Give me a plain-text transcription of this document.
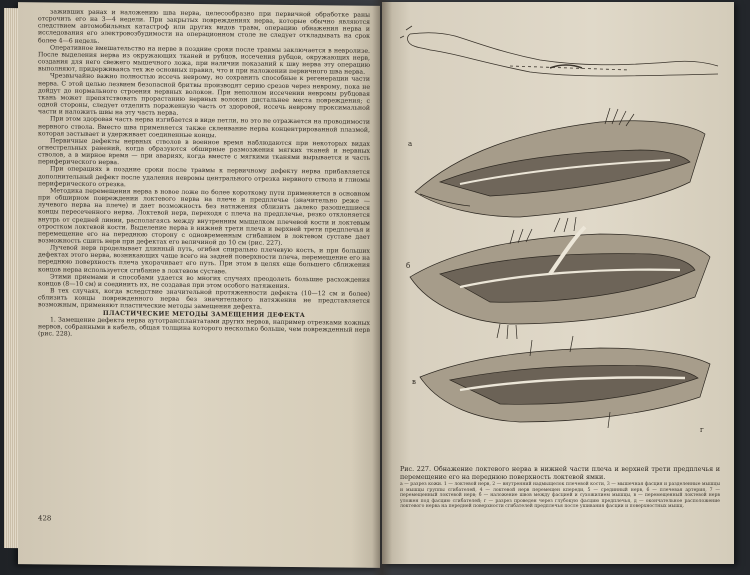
заживших ранах и наложению шва нерва, целесообразно при первичной обработке раны отсрочить его на 3—4 недели. При закрытых повреждениях нерва, которые обычно являются следствием автомобильных катастроф или других видов травм, операцию обнажения нерва и исследования его электровозбудимости на операционном столе не следует откладывать на срок более 4—6 недель.

Оперативное вмешательство на нерве в поздние сроки после травмы заключается в невролизе. После выделения нерва из окружающих тканей и рубцов, иссечения рубцов, окружающих нерв, создания для него свежего мышечного ложа, при наличии показаний к шву нерва эту операцию выполняют, придерживаясь тех же основных правил, что и при наложении первичного шва нерва.

Чрезвычайно важно полностью иссечь неврому, но сохранить способные к регенерации части нерва. С этой целью лезвием безопасной бритвы производят серию срезов через неврому, пока не дойдут до нормального строения нервных волокон. При неполном иссечении невромы рубцовая ткань может препятствовать прорастанию нервных волокон дистальнее места повреждения; с одной стороны, следует отделить пораженную часть от здоровой, иссечь неврому проксимальной части и наложить швы на эту часть нерва.

При этом здоровая часть нерва изгибается в виде петли, но это не отражается на проводимости нервного ствола. Вместо шва применяется также склеивание нерва концентрированной плазмой, которая застывает и удерживает соединенные концы.

Первичные дефекты нервных стволов в военное время наблюдаются при некоторых видах огнестрельных ранений, когда образуются обширные размозжения мягких тканей и нервных стволов, а в мирное время — при авариях, когда вместе с мягкими тканями вырывается и часть периферического нерва.

При операциях в поздние сроки после травмы к первичному дефекту нерва прибавляется дополнительный дефект после удаления невромы центрального отрезка нервного ствола и глиомы периферического отрезка.

Методика перемещения нерва в новое ложе по более короткому пути применяется в основном при обширном повреждении локтевого нерва на плече и предплечье (значительно реже — лучевого нерва на плече) и дает возможность без натяжения сблизить далеко разошедшиеся концы пересеченного нерва. Локтевой нерв, переходя с плеча на предплечье, резко отклоняется внутрь от средней линии, располагаясь между внутренним мыщелком плечевой кости и локтевым отростком локтевой кости. Выделение нерва в нижней трети плеча и верхней трети предплечья и перемещение его на переднюю сторону с одновременным сгибанием в локтевом суставе дает возможность сшить нерв при дефектах его величиной до 10 см (рис. 227).

Лучевой нерв проделывает длинный путь, огибая спирально плечевую кость, и при больших дефектах этого нерва, возникающих чаще всего на задней поверхности плеча, перемещение его на переднюю поверхность плеча укорачивает его путь. При этом в целях еще большего сближения концов нерва используется сгибание в локтевом суставе.

Этими приемами и способами удается во многих случаях преодолеть большие расхождения концов (8—10 см) и соединить их, не создавая при этом особого натяжения.

В тех случаях, когда вследствие значительной протяженности дефекта (10—12 см и более) сблизить концы поврежденного нерва без значительного натяжения не представляется возможным, применяют пластические методы замещения дефекта.

ПЛАСТИЧЕСКИЕ МЕТОДЫ ЗАМЕЩЕНИЯ ДЕФЕКТА

1. Замещение дефекта нерва аутотрансплантатами других нервов, например отрезками кожных нервов, собранными в кабель, общая толщина которого несколько больше, чем поврежденный нерв (рис. 228).

428
а
б
в
г
Рис. 227. Обнажение локтевого нерва в нижней части плеча и верхней трети предплечья и перемещение его на переднюю поверхность локтевой ямки.
а — разрез кожи. 1 — локтевой нерв, 2 — внутренний надмыщелок плечевой кости, 3 — мышечная фасция и разделенные мышцы и мышцы группы сгибателей, 4 — локтевой нерв перемещен кпереди, 5 — срединный нерв, 6 — плечевая артерия, 7 — перемещенный локтевой нерв; б — наложение швов между фасцией и сухожилием мышцы, в — перемещенный локтевой нерв уложен под фасцию сгибателей; г — разрез проведен через глубокую фасцию предплечья, д — окончательное расположение локтевого нерва на передней поверхности сгибателей предплечья после ушивания фасции и поверхностных мышц.
